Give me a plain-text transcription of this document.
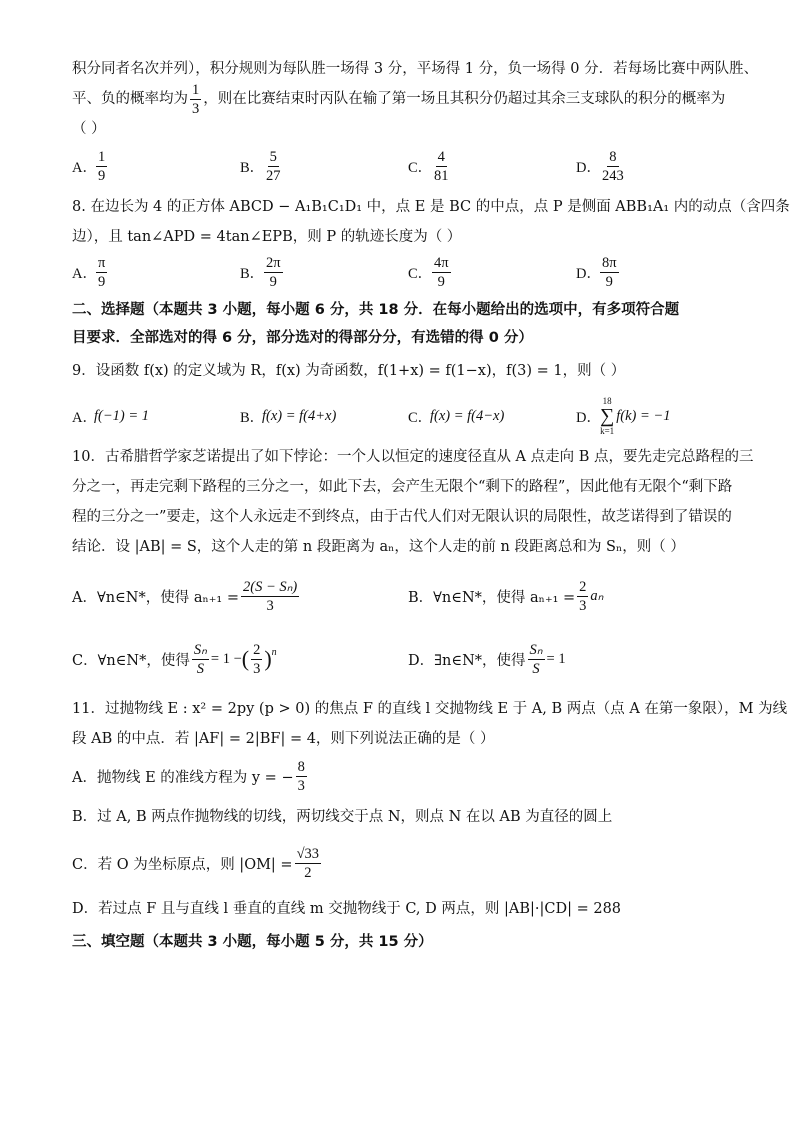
积分同者名次并列），积分规则为每队胜一场得 3 分，平场得 1 分，负一场得 0 分．若每场比赛中两队胜、
平、负的概率均为 $\frac{1}{3}$ ，则在比赛结束时丙队在输了第一场且其积分仍超过其余三支球队的积分的概率为
（ ）
A． $\frac{1}{9}$	B． $\frac{5}{27}$	C． $\frac{4}{81}$	D． $\frac{8}{243}$
8. 在边长为 4 的正方体 ABCD − A₁B₁C₁D₁ 中，点 E 是 BC 的中点，点 P 是侧面 ABB₁A₁ 内的动点（含四条
边），且 tan∠APD = 4tan∠EPB，则 P 的轨迹长度为（ ）
A． $\frac{\pi}{9}$	B． $\frac{2\pi}{9}$	C． $\frac{4\pi}{9}$	D． $\frac{8\pi}{9}$
二、选择题（本题共 3 小题，每小题 6 分，共 18 分．在每小题给出的选项中，有多项符合题
目要求．全部选对的得 6 分，部分选对的得部分分，有选错的得 0 分）
9．设函数 f(x) 的定义域为 R，f(x) 为奇函数，f(1+x) = f(1−x)，f(3) = 1，则（ ）
A．
f(−1) = 1	B．
f(x) = f(4+x)	C．
f(x) = f(4−x)	D．
18
∑
k=1
f(k) = −1
10．古希腊哲学家芝诺提出了如下悖论：一个人以恒定的速度径直从 A 点走向 B 点，要先走完总路程的三
分之一，再走完剩下路程的三分之一，如此下去，会产生无限个“剩下的路程”，因此他有无限个“剩下路
程的三分之一”要走，这个人永远走不到终点，由于古代人们对无限认识的局限性，故芝诺得到了错误的
结论．设 |AB| = S，这个人走的第 n 段距离为 aₙ，这个人走的前 n 段距离总和为 Sₙ，则（ ）
A．∀n∈N*，使得 $a_{n+1} = \frac{\text{2(S − Sₙ)}}{3}$	B．∀n∈N*，使得 $a_{n+1} = \frac{2}{3}$ aₙ
C．∀n∈N*，使得 $\frac{\text{Sₙ}}{S} = 1$ − ( $\frac{2}{3} )^n$
D．∃n∈N*，使得 $\frac{\text{Sₙ}}{S} = 1$
11．过抛物线 E : x² = 2py (p > 0) 的焦点 F 的直线 l 交抛物线 E 于 A, B 两点（点 A 在第一象限），M 为线
段 AB 的中点．若 |AF| = 2|BF| = 4，则下列说法正确的是（ ）
A．抛物线 E 的准线方程为 y = − $\frac{8}{3}$
B．过 A, B 两点作抛物线的切线，两切线交于点 N，则点 N 在以 AB 为直径的圆上
C．若 O 为坐标原点，则 $|OM| = \frac{√33}{2}$
D．若过点 F 且与直线 l 垂直的直线 m 交抛物线于 C, D 两点，则 |AB|·|CD| = 288
三、填空题（本题共 3 小题，每小题 5 分，共 15 分）
